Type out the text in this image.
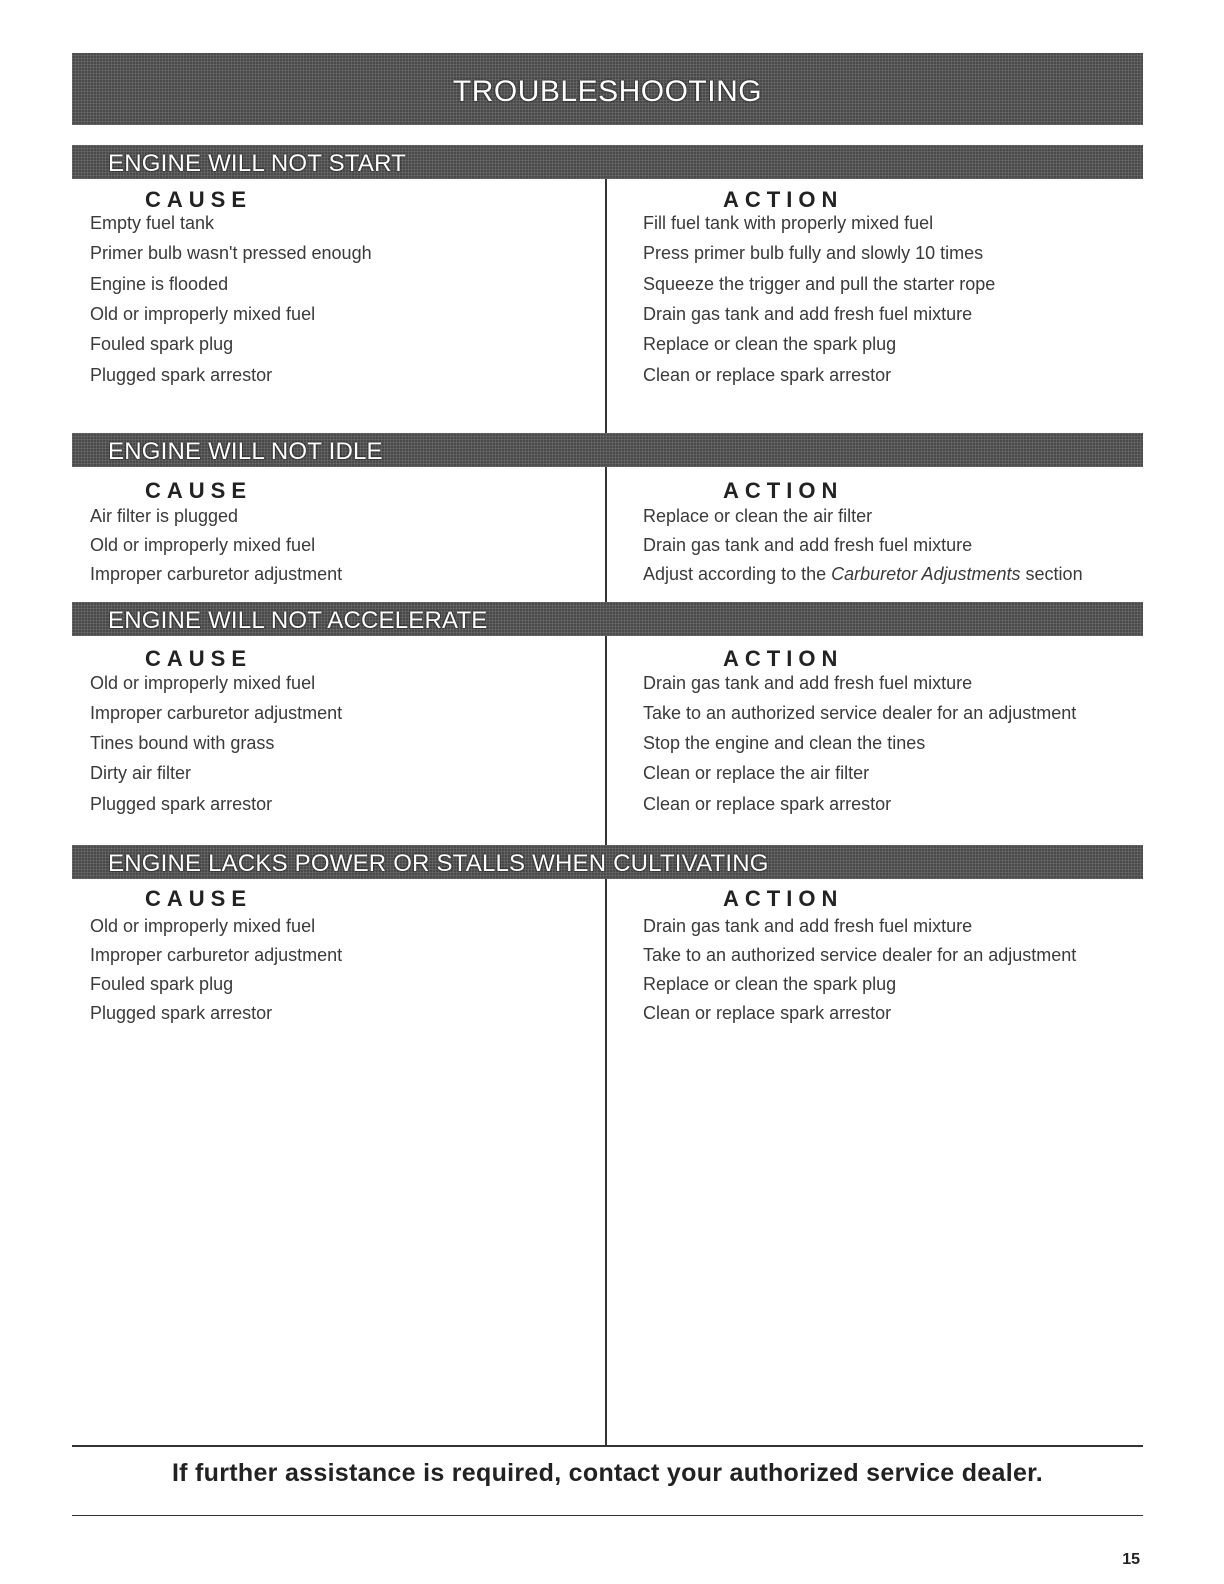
TROUBLESHOOTING
ENGINE WILL NOT START
CAUSE	ACTION
Empty fuel tank	Fill fuel tank with properly mixed fuel
Primer bulb wasn't pressed enough	Press primer bulb fully and slowly 10 times
Engine is flooded	Squeeze the trigger and pull the starter rope
Old or improperly mixed fuel	Drain gas tank and add fresh fuel mixture
Fouled spark plug	Replace or clean the spark plug
Plugged spark arrestor	Clean or replace spark arrestor
ENGINE WILL NOT IDLE
CAUSE	ACTION
Air filter is plugged	Replace or clean the air filter
Old or improperly mixed fuel	Drain gas tank and add fresh fuel mixture
Improper carburetor adjustment	Adjust according to the Carburetor Adjustments section
ENGINE WILL NOT ACCELERATE
CAUSE	ACTION
Old or improperly mixed fuel	Drain gas tank and add fresh fuel mixture
Improper carburetor adjustment	Take to an authorized service dealer for an adjustment
Tines bound with grass	Stop the engine and clean the tines
Dirty air filter	Clean or replace the air filter
Plugged spark arrestor	Clean or replace spark arrestor
ENGINE LACKS POWER OR STALLS WHEN CULTIVATING
CAUSE	ACTION
Old or improperly mixed fuel	Drain gas tank and add fresh fuel mixture
Improper carburetor adjustment	Take to an authorized service dealer for an adjustment
Fouled spark plug	Replace or clean the spark plug
Plugged spark arrestor	Clean or replace spark arrestor
If further assistance is required, contact your authorized service dealer.
15
